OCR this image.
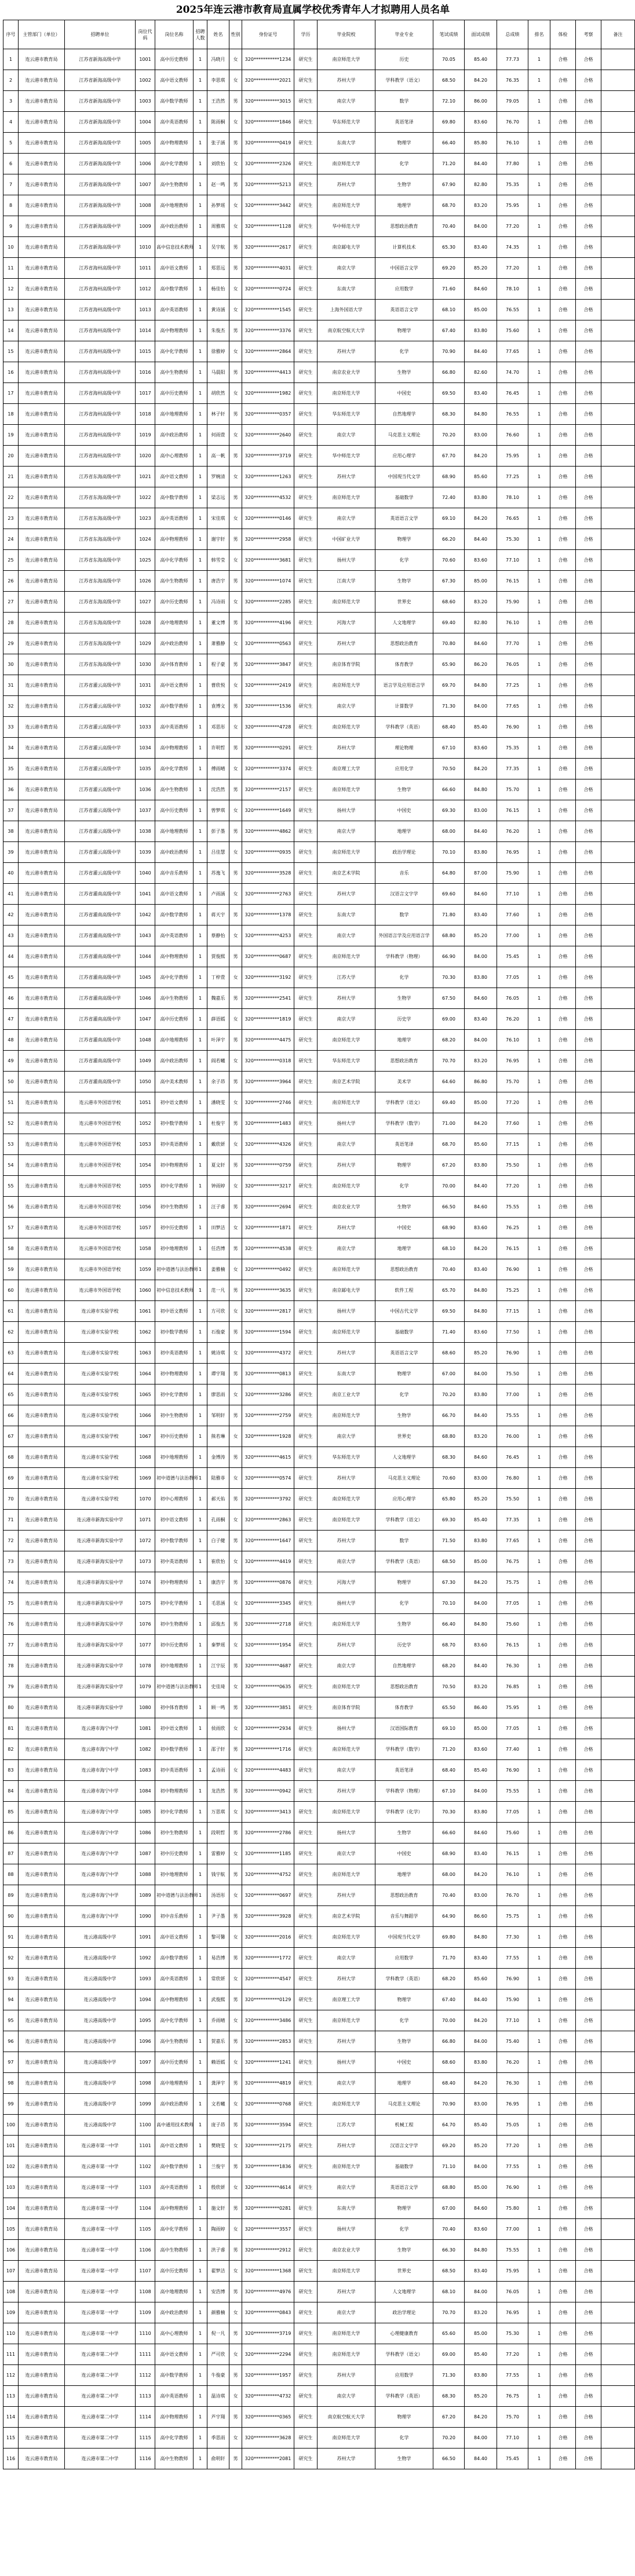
2025年连云港市教育局直属学校优秀青年人才拟聘用人员名单
序号	主管部门（单位）	招聘单位	岗位代码	岗位名称	招聘人数	姓名	性别	身份证号	学历	毕业院校	毕业专业	笔试成绩	面试成绩	总成绩	排名	体检	考察	备注
1	连云港市教育局	江苏省新海高级中学	1001	高中历史教师	1	冯晓月	女	320***********1234	研究生	南京师范大学	历史	70.05	85.40	77.73	1	合格	合格	
2	连云港市教育局	江苏省新海高级中学	1002	高中语文教师	1	李思琪	女	320***********2021	研究生	苏州大学	学科教学（语文）	68.50	84.20	76.35	1	合格	合格	
3	连云港市教育局	江苏省新海高级中学	1003	高中数学教师	1	王浩然	男	320***********3015	研究生	南京大学	数学	72.10	86.00	79.05	1	合格	合格	
4	连云港市教育局	江苏省新海高级中学	1004	高中英语教师	1	陈雨桐	女	320***********1846	研究生	华东师范大学	英语笔译	69.80	83.60	76.70	1	合格	合格	
5	连云港市教育局	江苏省新海高级中学	1005	高中物理教师	1	张子涵	男	320***********0419	研究生	东南大学	物理学	66.40	85.80	76.10	1	合格	合格	
6	连云港市教育局	江苏省新海高级中学	1006	高中化学教师	1	刘欣怡	女	320***********2326	研究生	南京师范大学	化学	71.20	84.40	77.80	1	合格	合格	
7	连云港市教育局	江苏省新海高级中学	1007	高中生物教师	1	赵一鸣	男	320***********5213	研究生	苏州大学	生物学	67.90	82.80	75.35	1	合格	合格	
8	连云港市教育局	江苏省新海高级中学	1008	高中地理教师	1	孙梦瑶	女	320***********3442	研究生	南京师范大学	地理学	68.70	83.20	75.95	1	合格	合格	
9	连云港市教育局	江苏省新海高级中学	1009	高中政治教师	1	周雅琪	女	320***********1128	研究生	华中师范大学	思想政治教育	70.40	84.00	77.20	1	合格	合格	
10	连云港市教育局	江苏省新海高级中学	1010	高中信息技术教师	1	吴宇航	男	320***********2617	研究生	南京邮电大学	计算机技术	65.30	83.40	74.35	1	合格	合格	
11	连云港市教育局	江苏省海州高级中学	1011	高中语文教师	1	郑思远	男	320***********4031	研究生	南京大学	中国语言文学	69.20	85.20	77.20	1	合格	合格	
12	连云港市教育局	江苏省海州高级中学	1012	高中数学教师	1	杨佳怡	女	320***********0724	研究生	东南大学	应用数学	71.60	84.60	78.10	1	合格	合格	
13	连云港市教育局	江苏省海州高级中学	1013	高中英语教师	1	黄诗涵	女	320***********1545	研究生	上海外国语大学	英语语言文学	68.10	85.00	76.55	1	合格	合格	
14	连云港市教育局	江苏省海州高级中学	1014	高中物理教师	1	朱俊杰	男	320***********3376	研究生	南京航空航天大学	物理学	67.40	83.80	75.60	1	合格	合格	
15	连云港市教育局	江苏省海州高级中学	1015	高中化学教师	1	徐雅婷	女	320***********2864	研究生	苏州大学	化学	70.90	84.40	77.65	1	合格	合格	
16	连云港市教育局	江苏省海州高级中学	1016	高中生物教师	1	马晨阳	男	320***********4413	研究生	南京农业大学	生物学	66.80	82.60	74.70	1	合格	合格	
17	连云港市教育局	江苏省海州高级中学	1017	高中历史教师	1	胡欣然	女	320***********1982	研究生	南京师范大学	中国史	69.50	83.40	76.45	1	合格	合格	
18	连云港市教育局	江苏省海州高级中学	1018	高中地理教师	1	林子轩	男	320***********0357	研究生	华东师范大学	自然地理学	68.30	84.80	76.55	1	合格	合格	
19	连云港市教育局	江苏省海州高级中学	1019	高中政治教师	1	何雨萱	女	320***********2640	研究生	南京大学	马克思主义理论	70.20	83.00	76.60	1	合格	合格	
20	连云港市教育局	江苏省海州高级中学	1020	高中心理教师	1	高一帆	男	320***********3719	研究生	华中师范大学	应用心理学	67.70	84.20	75.95	1	合格	合格	
21	连云港市教育局	江苏省东海高级中学	1021	高中语文教师	1	罗婉清	女	320***********1263	研究生	苏州大学	中国现当代文学	68.90	85.60	77.25	1	合格	合格	
22	连云港市教育局	江苏省东海高级中学	1022	高中数学教师	1	梁志远	男	320***********4532	研究生	南京师范大学	基础数学	72.40	83.80	78.10	1	合格	合格	
23	连云港市教育局	江苏省东海高级中学	1023	高中英语教师	1	宋佳琪	女	320***********0146	研究生	南京大学	英语语言文学	69.10	84.20	76.65	1	合格	合格	
24	连云港市教育局	江苏省东海高级中学	1024	高中物理教师	1	谢宇轩	男	320***********2958	研究生	中国矿业大学	物理学	66.20	84.40	75.30	1	合格	合格	
25	连云港市教育局	江苏省东海高级中学	1025	高中化学教师	1	韩雪莹	女	320***********3681	研究生	扬州大学	化学	70.60	83.60	77.10	1	合格	合格	
26	连云港市教育局	江苏省东海高级中学	1026	高中生物教师	1	唐浩宇	男	320***********1074	研究生	江南大学	生物学	67.30	85.00	76.15	1	合格	合格	
27	连云港市教育局	江苏省东海高级中学	1027	高中历史教师	1	冯诗雨	女	320***********2285	研究生	南京师范大学	世界史	68.60	83.20	75.90	1	合格	合格	
28	连云港市教育局	江苏省东海高级中学	1028	高中地理教师	1	董文博	男	320***********4196	研究生	河海大学	人文地理学	69.40	82.80	76.10	1	合格	合格	
29	连云港市教育局	江苏省东海高级中学	1029	高中政治教师	1	萧雅静	女	320***********0563	研究生	苏州大学	思想政治教育	70.80	84.60	77.70	1	合格	合格	
30	连云港市教育局	江苏省东海高级中学	1030	高中体育教师	1	程子豪	男	320***********3847	研究生	南京体育学院	体育教学	65.90	86.20	76.05	1	合格	合格	
31	连云港市教育局	江苏省灌云高级中学	1031	高中语文教师	1	曹欣悦	女	320***********2419	研究生	南京师范大学	语言学及应用语言学	69.70	84.80	77.25	1	合格	合格	
32	连云港市教育局	江苏省灌云高级中学	1032	高中数学教师	1	袁博文	男	320***********1536	研究生	南京大学	计算数学	71.30	84.00	77.65	1	合格	合格	
33	连云港市教育局	江苏省灌云高级中学	1033	高中英语教师	1	邓思彤	女	320***********4728	研究生	南京师范大学	学科教学（英语）	68.40	85.40	76.90	1	合格	合格	
34	连云港市教育局	江苏省灌云高级中学	1034	高中物理教师	1	许明哲	男	320***********0291	研究生	苏州大学	理论物理	67.10	83.60	75.35	1	合格	合格	
35	连云港市教育局	江苏省灌云高级中学	1035	高中化学教师	1	傅雨晴	女	320***********3374	研究生	南京理工大学	应用化学	70.50	84.20	77.35	1	合格	合格	
36	连云港市教育局	江苏省灌云高级中学	1036	高中生物教师	1	沈浩然	男	320***********2157	研究生	南京师范大学	生物学	66.60	84.80	75.70	1	合格	合格	
37	连云港市教育局	江苏省灌云高级中学	1037	高中历史教师	1	曾梦琪	女	320***********1649	研究生	扬州大学	中国史	69.30	83.00	76.15	1	合格	合格	
38	连云港市教育局	江苏省灌云高级中学	1038	高中地理教师	1	彭子墨	男	320***********4862	研究生	南京大学	地理学	68.00	84.40	76.20	1	合格	合格	
39	连云港市教育局	江苏省灌云高级中学	1039	高中政治教师	1	吕佳慧	女	320***********0935	研究生	南京师范大学	政治学理论	70.10	83.80	76.95	1	合格	合格	
40	连云港市教育局	江苏省灌云高级中学	1040	高中音乐教师	1	苏逸飞	男	320***********3528	研究生	南京艺术学院	音乐	64.80	87.00	75.90	1	合格	合格	
41	连云港市教育局	江苏省灌南高级中学	1041	高中语文教师	1	卢雨涵	女	320***********2763	研究生	苏州大学	汉语言文字学	69.60	84.60	77.10	1	合格	合格	
42	连云港市教育局	江苏省灌南高级中学	1042	高中数学教师	1	蒋天宇	男	320***********1378	研究生	东南大学	数学	71.80	83.40	77.60	1	合格	合格	
43	连云港市教育局	江苏省灌南高级中学	1043	高中英语教师	1	蔡静怡	女	320***********4253	研究生	南京大学	外国语言学及应用语言学	68.80	85.20	77.00	1	合格	合格	
44	连云港市教育局	江苏省灌南高级中学	1044	高中物理教师	1	贾俊熙	男	320***********0687	研究生	南京师范大学	学科教学（物理）	66.90	84.00	75.45	1	合格	合格	
45	连云港市教育局	江苏省灌南高级中学	1045	高中化学教师	1	丁梓萱	女	320***********3192	研究生	江苏大学	化学	70.30	83.80	77.05	1	合格	合格	
46	连云港市教育局	江苏省灌南高级中学	1046	高中生物教师	1	魏嘉乐	男	320***********2541	研究生	苏州大学	生物学	67.50	84.60	76.05	1	合格	合格	
47	连云港市教育局	江苏省灌南高级中学	1047	高中历史教师	1	薛语嫣	女	320***********1819	研究生	南京大学	历史学	69.00	83.40	76.20	1	合格	合格	
48	连云港市教育局	江苏省灌南高级中学	1048	高中地理教师	1	叶泽宇	男	320***********4475	研究生	南京师范大学	地理学	68.20	84.00	76.10	1	合格	合格	
49	连云港市教育局	江苏省灌南高级中学	1049	高中政治教师	1	阎若曦	女	320***********0318	研究生	华东师范大学	思想政治教育	70.70	83.20	76.95	1	合格	合格	
50	连云港市教育局	江苏省灌南高级中学	1050	高中美术教师	1	余子昂	男	320***********3964	研究生	南京艺术学院	美术学	64.60	86.80	75.70	1	合格	合格	
51	连云港市教育局	连云港市外国语学校	1051	初中语文教师	1	潘晓雯	女	320***********2746	研究生	南京师范大学	学科教学（语文）	69.40	85.00	77.20	1	合格	合格	
52	连云港市教育局	连云港市外国语学校	1052	初中数学教师	1	杜俊宇	男	320***********1483	研究生	扬州大学	学科教学（数学）	71.00	84.20	77.60	1	合格	合格	
53	连云港市教育局	连云港市外国语学校	1053	初中英语教师	1	戴欣妍	女	320***********4326	研究生	南京大学	英语笔译	68.70	85.60	77.15	1	合格	合格	
54	连云港市教育局	连云港市外国语学校	1054	初中物理教师	1	夏文轩	男	320***********0759	研究生	苏州大学	物理学	67.20	83.80	75.50	1	合格	合格	
55	连云港市教育局	连云港市外国语学校	1055	初中化学教师	1	钟雨婷	女	320***********3217	研究生	南京师范大学	化学	70.00	84.40	77.20	1	合格	合格	
56	连云港市教育局	连云港市外国语学校	1056	初中生物教师	1	汪子睿	男	320***********2694	研究生	南京农业大学	生物学	66.50	84.60	75.55	1	合格	合格	
57	连云港市教育局	连云港市外国语学校	1057	初中历史教师	1	田梦洁	女	320***********1871	研究生	苏州大学	中国史	68.90	83.60	76.25	1	合格	合格	
58	连云港市教育局	连云港市外国语学校	1058	初中地理教师	1	任浩博	男	320***********4538	研究生	南京大学	地理学	68.10	84.20	76.15	1	合格	合格	
59	连云港市教育局	连云港市外国语学校	1059	初中道德与法治教师	1	姜雅楠	女	320***********0492	研究生	南京师范大学	思想政治教育	70.40	83.40	76.90	1	合格	合格	
60	连云港市教育局	连云港市外国语学校	1060	初中信息技术教师	1	范一凡	男	320***********3635	研究生	南京邮电大学	软件工程	65.70	84.80	75.25	1	合格	合格	
61	连云港市教育局	连云港市实验学校	1061	初中语文教师	1	方可欣	女	320***********2817	研究生	扬州大学	中国古代文学	69.50	84.80	77.15	1	合格	合格	
62	连云港市教育局	连云港市实验学校	1062	初中数学教师	1	石俊豪	男	320***********1594	研究生	南京师范大学	基础数学	71.40	83.60	77.50	1	合格	合格	
63	连云港市教育局	连云港市实验学校	1063	初中英语教师	1	姚诗琪	女	320***********4372	研究生	苏州大学	英语语言文学	68.60	85.20	76.90	1	合格	合格	
64	连云港市教育局	连云港市实验学校	1064	初中物理教师	1	谭宇翔	男	320***********0813	研究生	东南大学	物理学	67.00	84.00	75.50	1	合格	合格	
65	连云港市教育局	连云港市实验学校	1065	初中化学教师	1	廖思雨	女	320***********3286	研究生	南京工业大学	化学	70.20	83.80	77.00	1	合格	合格	
66	连云港市教育局	连云港市实验学校	1066	初中生物教师	1	邹明轩	男	320***********2759	研究生	南京师范大学	生物学	66.70	84.40	75.55	1	合格	合格	
67	连云港市教育局	连云港市实验学校	1067	初中历史教师	1	熊若琳	女	320***********1928	研究生	南京大学	世界史	68.80	83.20	76.00	1	合格	合格	
68	连云港市教育局	连云港市实验学校	1068	初中地理教师	1	金博涛	男	320***********4615	研究生	华东师范大学	人文地理学	68.30	84.60	76.45	1	合格	合格	
69	连云港市教育局	连云港市实验学校	1069	初中道德与法治教师	1	陆雅菲	女	320***********0574	研究生	苏州大学	马克思主义理论	70.60	83.00	76.80	1	合格	合格	
70	连云港市教育局	连云港市实验学校	1070	初中心理教师	1	郝天佑	男	320***********3792	研究生	南京师范大学	应用心理学	65.80	85.20	75.50	1	合格	合格	
71	连云港市教育局	连云港市新海实验中学	1071	初中语文教师	1	孔雨桐	女	320***********2863	研究生	南京师范大学	学科教学（语文）	69.30	85.40	77.35	1	合格	合格	
72	连云港市教育局	连云港市新海实验中学	1072	初中数学教师	1	白子健	男	320***********1647	研究生	苏州大学	数学	71.50	83.80	77.65	1	合格	合格	
73	连云港市教育局	连云港市新海实验中学	1073	初中英语教师	1	崔欣怡	女	320***********4419	研究生	南京大学	学科教学（英语）	68.50	85.00	76.75	1	合格	合格	
74	连云港市教育局	连云港市新海实验中学	1074	初中物理教师	1	康浩宇	男	320***********0876	研究生	河海大学	物理学	67.30	84.20	75.75	1	合格	合格	
75	连云港市教育局	连云港市新海实验中学	1075	初中化学教师	1	毛思涵	女	320***********3345	研究生	扬州大学	化学	70.10	84.00	77.05	1	合格	合格	
76	连云港市教育局	连云港市新海实验中学	1076	初中生物教师	1	邱俊杰	男	320***********2718	研究生	南京师范大学	生物学	66.40	84.80	75.60	1	合格	合格	
77	连云港市教育局	连云港市新海实验中学	1077	初中历史教师	1	秦梦瑶	女	320***********1954	研究生	苏州大学	历史学	68.70	83.60	76.15	1	合格	合格	
78	连云港市教育局	连云港市新海实验中学	1078	初中地理教师	1	江宇辰	男	320***********4687	研究生	南京大学	自然地理学	68.20	84.40	76.30	1	合格	合格	
79	连云港市教育局	连云港市新海实验中学	1079	初中道德与法治教师	1	史佳琦	女	320***********0635	研究生	南京师范大学	思想政治教育	70.50	83.20	76.85	1	合格	合格	
80	连云港市教育局	连云港市新海实验中学	1080	初中体育教师	1	顾一鸣	男	320***********3851	研究生	南京体育学院	体育教学	65.50	86.40	75.95	1	合格	合格	
81	连云港市教育局	连云港市海宁中学	1081	初中语文教师	1	侯雨欣	女	320***********2934	研究生	扬州大学	汉语国际教育	69.10	85.00	77.05	1	合格	合格	
82	连云港市教育局	连云港市海宁中学	1082	初中数学教师	1	邵子轩	男	320***********1716	研究生	南京师范大学	学科教学（数学）	71.20	83.60	77.40	1	合格	合格	
83	连云港市教育局	连云港市海宁中学	1083	初中英语教师	1	孟诗雨	女	320***********4483	研究生	南京大学	英语笔译	68.40	85.40	76.90	1	合格	合格	
84	连云港市教育局	连云港市海宁中学	1084	初中物理教师	1	龙浩然	男	320***********0942	研究生	苏州大学	学科教学（物理）	67.10	84.00	75.55	1	合格	合格	
85	连云港市教育局	连云港市海宁中学	1085	初中化学教师	1	万思琪	女	320***********3413	研究生	南京师范大学	学科教学（化学）	70.30	83.80	77.05	1	合格	合格	
86	连云港市教育局	连云港市海宁中学	1086	初中生物教师	1	段明哲	男	320***********2786	研究生	扬州大学	生物学	66.60	84.60	75.60	1	合格	合格	
87	连云港市教育局	连云港市海宁中学	1087	初中历史教师	1	雷雅婷	女	320***********1185	研究生	南京大学	中国史	68.90	83.40	76.15	1	合格	合格	
88	连云港市教育局	连云港市海宁中学	1088	初中地理教师	1	钱宇航	男	320***********4752	研究生	南京师范大学	地理学	68.00	84.20	76.10	1	合格	合格	
89	连云港市教育局	连云港市海宁中学	1089	初中道德与法治教师	1	汤语彤	女	320***********0697	研究生	苏州大学	思想政治教育	70.40	83.00	76.70	1	合格	合格	
90	连云港市教育局	连云港市海宁中学	1090	初中音乐教师	1	尹子墨	男	320***********3928	研究生	南京艺术学院	音乐与舞蹈学	64.90	86.60	75.75	1	合格	合格	
91	连云港市教育局	连云港高级中学	1091	高中语文教师	1	黎可馨	女	320***********2016	研究生	南京师范大学	中国现当代文学	69.80	84.80	77.30	1	合格	合格	
92	连云港市教育局	连云港高级中学	1092	高中数学教师	1	易浩博	男	320***********1772	研究生	南京大学	应用数学	71.70	83.40	77.55	1	合格	合格	
93	连云港市教育局	连云港高级中学	1093	高中英语教师	1	常欣妍	女	320***********4547	研究生	苏州大学	学科教学（英语）	68.20	85.60	76.90	1	合格	合格	
94	连云港市教育局	连云港高级中学	1094	高中物理教师	1	武俊熙	男	320***********0129	研究生	南京理工大学	物理学	67.40	84.40	75.90	1	合格	合格	
95	连云港市教育局	连云港高级中学	1095	高中化学教师	1	乔雨晴	女	320***********3486	研究生	南京师范大学	化学	70.00	84.20	77.10	1	合格	合格	
96	连云港市教育局	连云港高级中学	1096	高中生物教师	1	贺嘉乐	男	320***********2853	研究生	苏州大学	生物学	66.80	84.00	75.40	1	合格	合格	
97	连云港市教育局	连云港高级中学	1097	高中历史教师	1	赖语嫣	女	320***********1241	研究生	扬州大学	中国史	68.60	83.80	76.20	1	合格	合格	
98	连云港市教育局	连云港高级中学	1098	高中地理教师	1	龚泽宇	男	320***********4819	研究生	南京大学	地理学	68.40	84.20	76.30	1	合格	合格	
99	连云港市教育局	连云港高级中学	1099	高中政治教师	1	文若曦	女	320***********0768	研究生	南京师范大学	马克思主义理论	70.90	83.00	76.95	1	合格	合格	
100	连云港市教育局	连云港高级中学	1100	高中通用技术教师	1	庞子昂	男	320***********3594	研究生	江苏大学	机械工程	64.70	85.40	75.05	1	合格	合格	
101	连云港市教育局	连云港市第一中学	1101	高中语文教师	1	樊晓雯	女	320***********2175	研究生	苏州大学	汉语言文字学	69.20	85.20	77.20	1	合格	合格	
102	连云港市教育局	连云港市第一中学	1102	高中数学教师	1	兰俊宇	男	320***********1836	研究生	南京师范大学	基础数学	71.10	84.00	77.55	1	合格	合格	
103	连云港市教育局	连云港市第一中学	1103	高中英语教师	1	殷欣妍	女	320***********4614	研究生	南京大学	英语语言文学	68.80	85.00	76.90	1	合格	合格	
104	连云港市教育局	连云港市第一中学	1104	高中物理教师	1	施文轩	男	320***********0281	研究生	东南大学	物理学	67.00	84.60	75.80	1	合格	合格	
105	连云港市教育局	连云港市第一中学	1105	高中化学教师	1	陶雨婷	女	320***********3557	研究生	扬州大学	化学	70.40	83.60	77.00	1	合格	合格	
106	连云港市教育局	连云港市第一中学	1106	高中生物教师	1	洪子睿	男	320***********2912	研究生	南京农业大学	生物学	66.30	84.80	75.55	1	合格	合格	
107	连云港市教育局	连云港市第一中学	1107	高中历史教师	1	翟梦洁	女	320***********1368	研究生	南京师范大学	世界史	68.50	83.40	75.95	1	合格	合格	
108	连云港市教育局	连云港市第一中学	1108	高中地理教师	1	安浩博	男	320***********4976	研究生	苏州大学	人文地理学	68.10	84.00	76.05	1	合格	合格	
109	连云港市教育局	连云港市第一中学	1109	高中政治教师	1	颜雅楠	女	320***********0843	研究生	南京大学	政治学理论	70.70	83.20	76.95	1	合格	合格	
110	连云港市教育局	连云港市第一中学	1110	高中心理教师	1	倪一凡	男	320***********3719	研究生	南京师范大学	心理健康教育	65.60	85.00	75.30	1	合格	合格	
111	连云港市教育局	连云港市第二中学	1111	高中语文教师	1	严可欣	女	320***********2294	研究生	南京师范大学	学科教学（语文）	69.00	85.40	77.20	1	合格	合格	
112	连云港市教育局	连云港市第二中学	1112	高中数学教师	1	牛俊豪	男	320***********1957	研究生	苏州大学	应用数学	71.30	83.80	77.55	1	合格	合格	
113	连云港市教育局	连云港市第二中学	1113	高中英语教师	1	温诗琪	女	320***********4732	研究生	南京大学	学科教学（英语）	68.30	85.20	76.75	1	合格	合格	
114	连云港市教育局	连云港市第二中学	1114	高中物理教师	1	芦宇翔	男	320***********0365	研究生	南京航空航天大学	物理学	67.20	84.20	75.70	1	合格	合格	
115	连云港市教育局	连云港市第二中学	1115	高中化学教师	1	季思雨	女	320***********3628	研究生	南京师范大学	化学	70.20	84.00	77.10	1	合格	合格	
116	连云港市教育局	连云港市第二中学	1116	高中生物教师	1	俞明轩	男	320***********2081	研究生	苏州大学	生物学	66.50	84.40	75.45	1	合格	合格	
